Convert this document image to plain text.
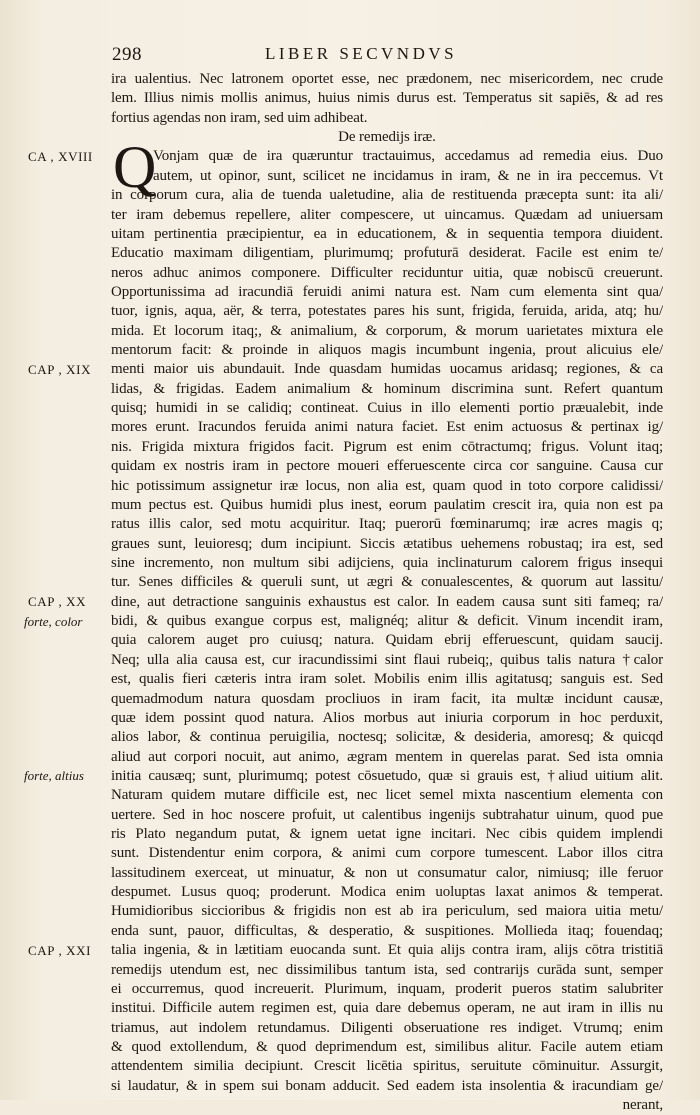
298	LIBER SECVNDVS
Q
CA , XVIII
CAP , XIX
CAP , XX
forte, color
forte, altius
CAP , XXI
ira ualentius. Nec latronem oportet esse, nec prædonem, nec misericordem, nec crude
lem. Illius nimis mollis animus, huius nimis durus est. Temperatus sit sapiēs, & ad res
fortius agendas non iram, sed uim adhibeat.
De remedijs iræ.
Vonjam quæ de ira quæruntur tractauimus, accedamus ad remedia eius. Duo
autem, ut opinor, sunt, scilicet ne incidamus in iram, & ne in ira peccemus. Vt
in corporum cura, alia de tuenda ualetudine, alia de restituenda præcepta sunt: ita ali/
ter iram debemus repellere, aliter compescere, ut uincamus. Quædam ad uniuersam
uitam pertinentia præcipientur, ea in educationem, & in sequentia tempora diuident.
Educatio maximam diligentiam, plurimumq; profuturā desiderat. Facile est enim te/
neros adhuc animos componere. Difficulter reciduntur uitia, quæ nobiscū creuerunt.
Opportunissima ad iracundiā feruidi animi natura est. Nam cum elementa sint qua/
tuor, ignis, aqua, aër, & terra, potestates pares his sunt, frigida, feruida, arida, atq; hu/
mida. Et locorum itaq;, & animalium, & corporum, & morum uarietates mixtura ele
mentorum facit: & proinde in aliquos magis incumbunt ingenia, prout alicuius ele/
menti maior uis abundauit. Inde quasdam humidas uocamus aridasq; regiones, & ca
lidas, & frigidas. Eadem animalium & hominum discrimina sunt. Refert quantum
quisq; humidi in se calidiq; contineat. Cuius in illo elementi portio præualebit, inde
mores erunt. Iracundos feruida animi natura faciet. Est enim actuosus & pertinax ig/
nis. Frigida mixtura frigidos facit. Pigrum est enim cōtractumq; frigus. Volunt itaq;
quidam ex nostris iram in pectore moueri efferuescente circa cor sanguine. Causa cur
hic potissimum assignetur iræ locus, non alia est, quam quod in toto corpore calidissi/
mum pectus est. Quibus humidi plus inest, eorum paulatim crescit ira, quia non est pa
ratus illis calor, sed motu acquiritur. Itaq; puerorū fœminarumq; iræ acres magis q;
graues sunt, leuioresq; dum incipiunt. Siccis ætatibus uehemens robustaq; ira est, sed
sine incremento, non multum sibi adijciens, quia inclinaturum calorem frigus insequi
tur. Senes difficiles & queruli sunt, ut ægri & conualescentes, & quorum aut lassitu/
dine, aut detractione sanguinis exhaustus est calor. In eadem causa sunt siti fameq; ra/
bidi, & quibus exangue corpus est, malignéq; alitur & deficit. Vinum incendit iram,
quia calorem auget pro cuiusq; natura. Quidam ebrij efferuescunt, quidam saucij.
Neq; ulla alia causa est, cur iracundissimi sint flaui rubeiq;, quibus talis natura †calor
est, qualis fieri cæteris intra iram solet. Mobilis enim illis agitatusq; sanguis est. Sed
quemadmodum natura quosdam procliuos in iram facit, ita multæ incidunt causæ,
quæ idem possint quod natura. Alios morbus aut iniuria corporum in hoc perduxit,
alios labor, & continua peruigilia, noctesq; solicitæ, & desideria, amoresq; & quicqd
aliud aut corpori nocuit, aut animo, ægram mentem in querelas parat. Sed ista omnia
initia causæq; sunt, plurimumq; potest cōsuetudo, quæ si grauis est, †aliud uitium alit.
Naturam quidem mutare difficile est, nec licet semel mixta nascentium elementa con
uertere. Sed in hoc noscere profuit, ut calentibus ingenijs subtrahatur uinum, quod pue
ris Plato negandum putat, & ignem uetat igne incitari. Nec cibis quidem implendi
sunt. Distendentur enim corpora, & animi cum corpore tumescent. Labor illos citra
lassitudinem exerceat, ut minuatur, & non ut consumatur calor, nimiusq; ille feruor
despumet. Lusus quoq; proderunt. Modica enim uoluptas laxat animos & temperat.
Humidioribus siccioribus & frigidis non est ab ira periculum, sed maiora uitia metu/
enda sunt, pauor, difficultas, & desperatio, & suspitiones. Mollieda itaq; fouendaq;
talia ingenia, & in lætitiam euocanda sunt. Et quia alijs contra iram, alijs cōtra tristitiā
remedijs utendum est, nec dissimilibus tantum ista, sed contrarijs curāda sunt, semper
ei occurremus, quod increuerit. Plurimum, inquam, proderit pueros statim salubriter
institui. Difficile autem regimen est, quia dare debemus operam, ne aut iram in illis nu
triamus, aut indolem retundamus. Diligenti obseruatione res indiget. Vtrumq; enim
& quod extollendum, & quod deprimendum est, similibus alitur. Facile autem etiam
attendentem similia decipiunt. Crescit licētia spiritus, seruitute cōminuitur. Assurgit,
si laudatur, & in spem sui bonam adducit. Sed eadem ista insolentia & iracundiam ge/
nerant,
